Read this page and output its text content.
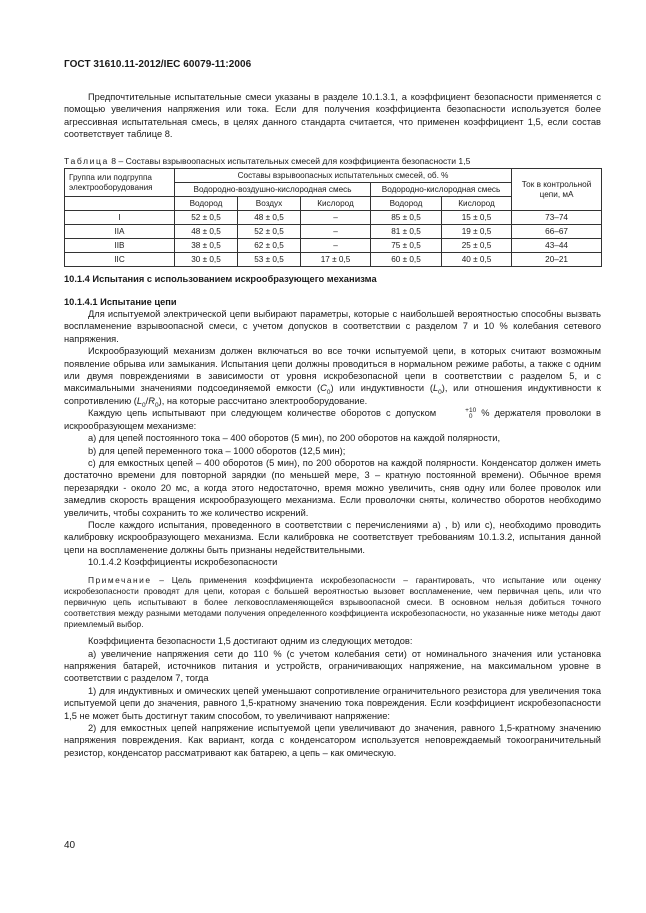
ГОСТ 31610.11-2012/IEC 60079-11:2006

Предпочтительные испытательные смеси указаны в разделе 10.1.3.1, а коэффициент безопасности применяется с помощью увеличения напряжения или тока. Если для получения коэффициента безопасности используется более агрессивная испытательная смесь, в целях данного стандарта считается, что применен коэффициент 1,5, если состав соответствует таблице 8.

Таблица 8 – Составы взрывоопасных испытательных смесей для коэффициента безопасности 1,5
Группа или подгруппа электрооборудования	Составы взрывоопасных испытательных смесей, об. %					Ток в контрольной цепи, мА
	Водородно-воздушно-кислородная смесь			Водородно-кислородная смесь		
	Водород	Воздух	Кислород	Водород	Кислород	
I	52 ± 0,5	48 ± 0,5	–	85 ± 0,5	15 ± 0,5	73–74
IIA	48 ± 0,5	52 ± 0,5	–	81 ± 0,5	19 ± 0,5	66–67
IIB	38 ± 0,5	62 ± 0,5	–	75 ± 0,5	25 ± 0,5	43–44
IIC	30 ± 0,5	53 ± 0,5	17 ± 0,5	60 ± 0,5	40 ± 0,5	20–21
10.1.4 Испытания с использованием искрообразующего механизма
10.1.4.1 Испытание цепи

Для испытуемой электрической цепи выбирают параметры, которые с наибольшей вероятностью способны вызвать воспламенение взрывоопасной смеси, с учетом допусков в соответствии с разделом 7 и 10 % колебания сетевого напряжения.

Искрообразующий механизм должен включаться во все точки испытуемой цепи, в которых считают возможным появление обрыва или замыкания. Испытания цепи должны проводиться в нормальном режиме работы, а также с одним или двумя повреждениями в зависимости от уровня искробезопасной цепи в соответствии с разделом 5, и с максимальными значениями подсоединяемой емкости $(C_0)$ или индуктивности $(L_0)$, или отношения индуктивности к сопротивлению $(L_0/R_0)$, на которые рассчитано электрооборудование.

Каждую цепь испытывают при следующем количестве оборотов с допуском	+10
0 % держателя проволоки в искрообразующем механизме:

a) для цепей постоянного тока – 400 оборотов (5 мин), по 200 оборотов на каждой полярности,

b) для цепей переменного тока – 1000 оборотов (12,5 мин);

c) для емкостных цепей – 400 оборотов (5 мин), по 200 оборотов на каждой полярности. Конденсатор должен иметь достаточно времени для повторной зарядки (по меньшей мере, 3 – кратную постоянной времени). Обычное время перезарядки - около 20 мс, а когда этого недостаточно, время можно увеличить, сняв одну или более проволок или замедлив скорость вращения искрообразующего механизма. Если проволочки сняты, количество оборотов необходимо увеличить, чтобы сохранить то же количество искрений.

После каждого испытания, проведенного в соответствии с перечислениями a) , b) или c), необходимо проводить калибровку искрообразующего механизма. Если калибровка не соответствует требованиям 10.1.3.2, испытания данной цепи на воспламенение должны быть признаны недействительными.

10.1.4.2 Коэффициенты искробезопасности

Примечание – Цель применения коэффициента искробезопасности – гарантировать, что испытание или оценку искробезопасности проводят для цепи, которая с большей вероятностью вызовет воспламенение, чем первичная цепь, или что первичную цепь испытывают в более легковоспламеняющейся взрывоопасной смеси. В основном нельзя добиться точного соответствия между разными методами получения определенного коэффициента искробезопасности, но указанные ниже методы дают приемлемый выбор.

Коэффициента безопасности 1,5 достигают одним из следующих методов:

a) увеличение напряжения сети до 110 % (с учетом колебания сети) от номинального значения или установка напряжения батарей, источников питания и устройств, ограничивающих напряжение, на максимальном уровне в соответствии с разделом 7, тогда

1) для индуктивных и омических цепей уменьшают сопротивление ограничительного резистора для увеличения тока испытуемой цепи до значения, равного 1,5-кратному значению тока повреждения. Если коэффициент искробезопасности 1,5 не может быть достигнут таким способом, то увеличивают напряжение:

2) для емкостных цепей напряжение испытуемой цепи увеличивают до значения, равного 1,5-кратному значению напряжения повреждения. Как вариант, когда с конденсатором используется неповреждаемый токоограничительный резистор, конденсатор рассматривают как батарею, а цепь – как омическую.

40
